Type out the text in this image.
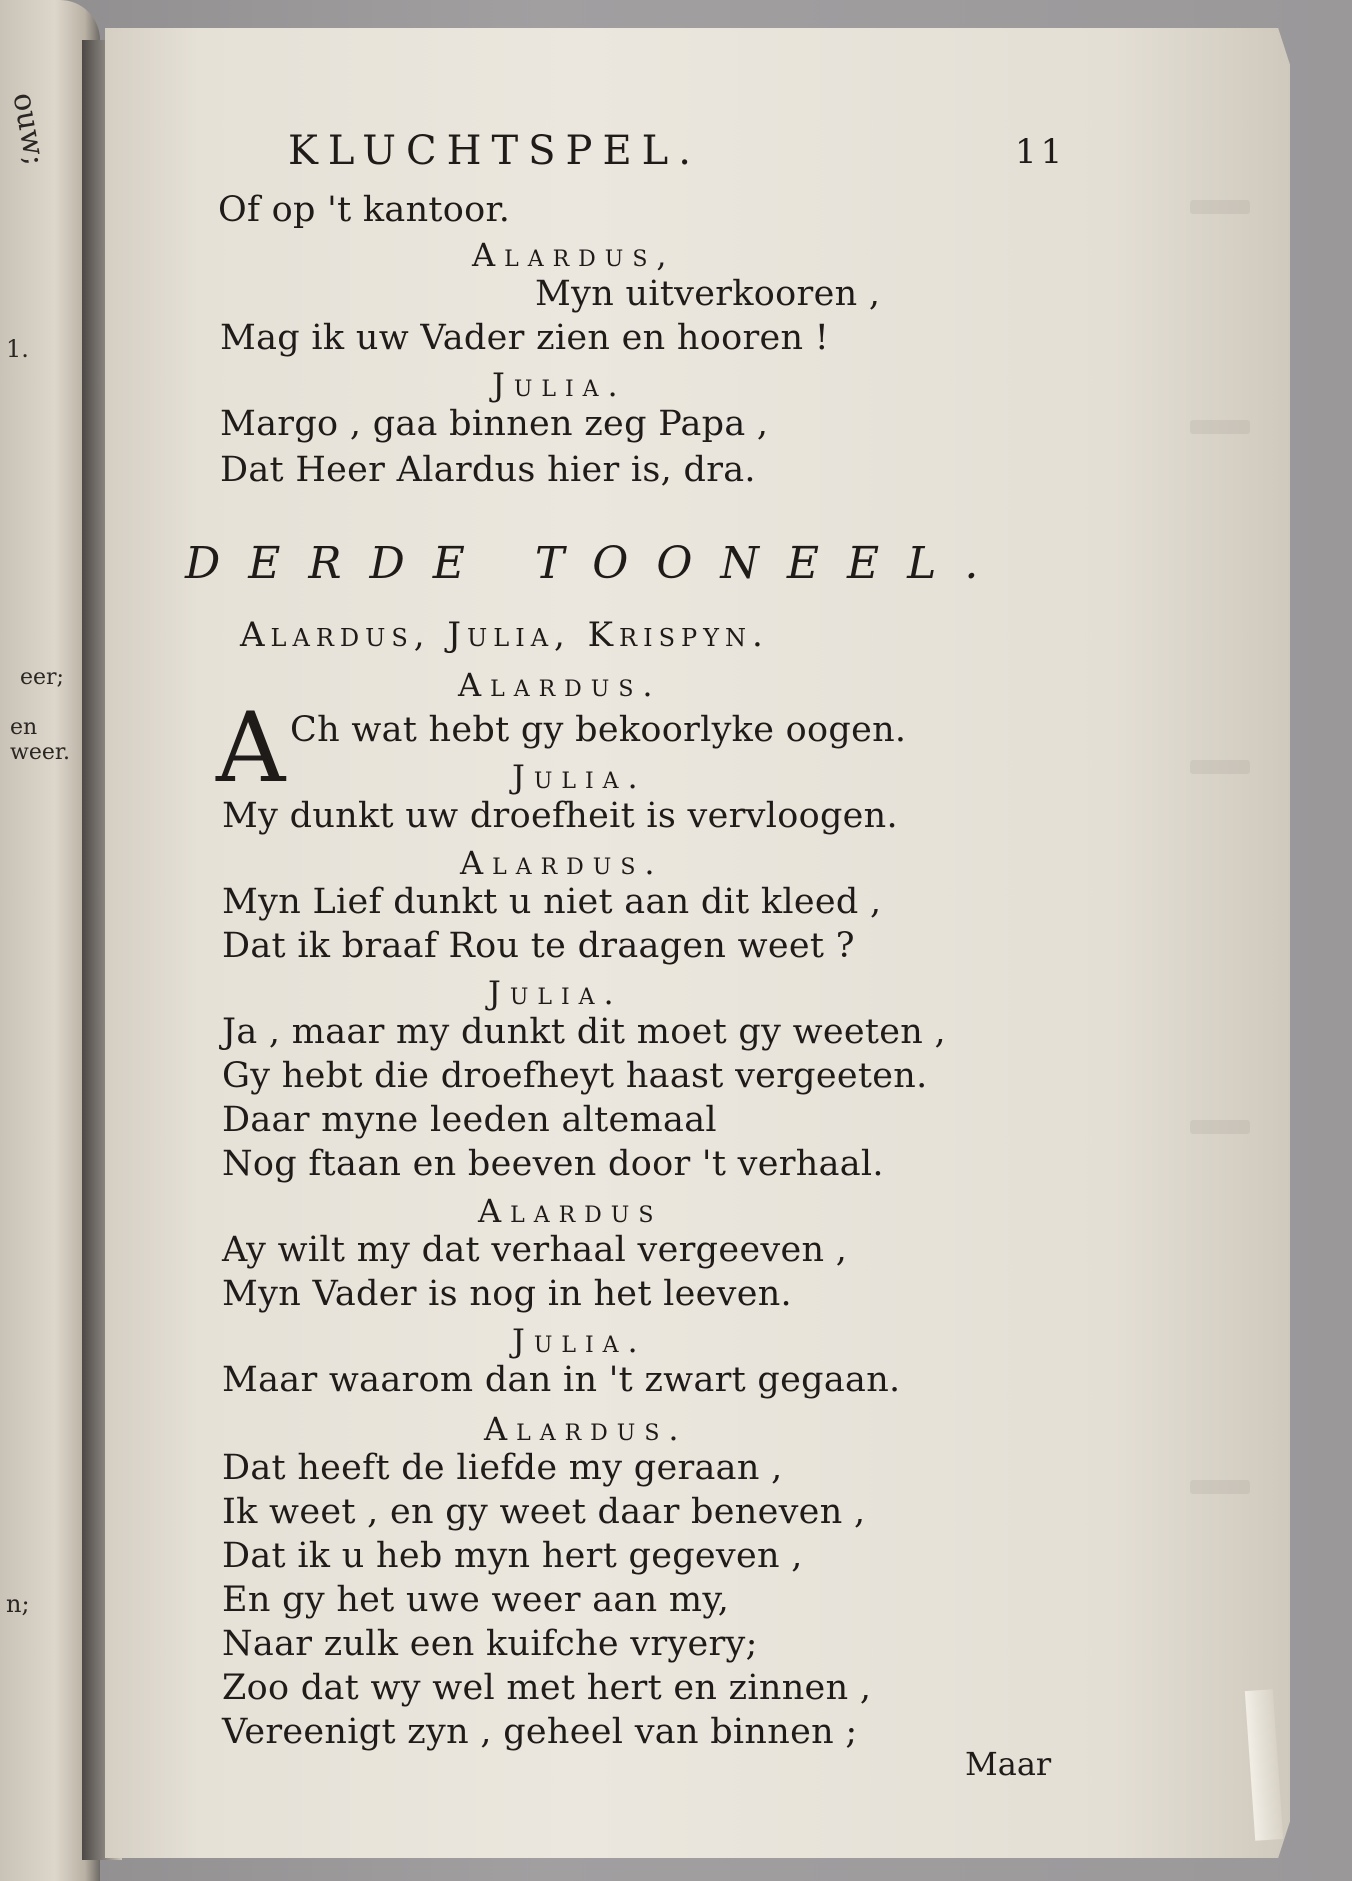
ouw;
1.
eer;
en weer.
n;
KLUCHTSPEL.	11
Of op 't kantoor.
Alardus,
Myn uitverkooren ,
Mag ik uw Vader zien en hooren !
Julia.
Margo , gaa binnen zeg Papa ,
Dat Heer Alardus hier is, dra.
DERDE TOONEEL.
Alardus, Julia, Krispyn.
Alardus.
A Ch wat hebt gy bekoorlyke oogen.
Julia.
My dunkt uw droefheit is vervloogen.
Alardus.
Myn Lief dunkt u niet aan dit kleed ,
Dat ik braaf Rou te draagen weet ?
Julia.
Ja , maar my dunkt dit moet gy weeten ,
Gy hebt die droefheyt haast vergeeten.
Daar myne leeden altemaal
Nog ftaan en beeven door 't verhaal.
Alardus
Ay wilt my dat verhaal vergeeven ,
Myn Vader is nog in het leeven.
Julia.
Maar waarom dan in 't zwart gegaan.
Alardus.
Dat heeft de liefde my geraan ,
Ik weet , en gy weet daar beneven ,
Dat ik u heb myn hert gegeven ,
En gy het uwe weer aan my,
Naar zulk een kuifche vryery;
Zoo dat wy wel met hert en zinnen ,
Vereenigt zyn , geheel van binnen ;
Maar
